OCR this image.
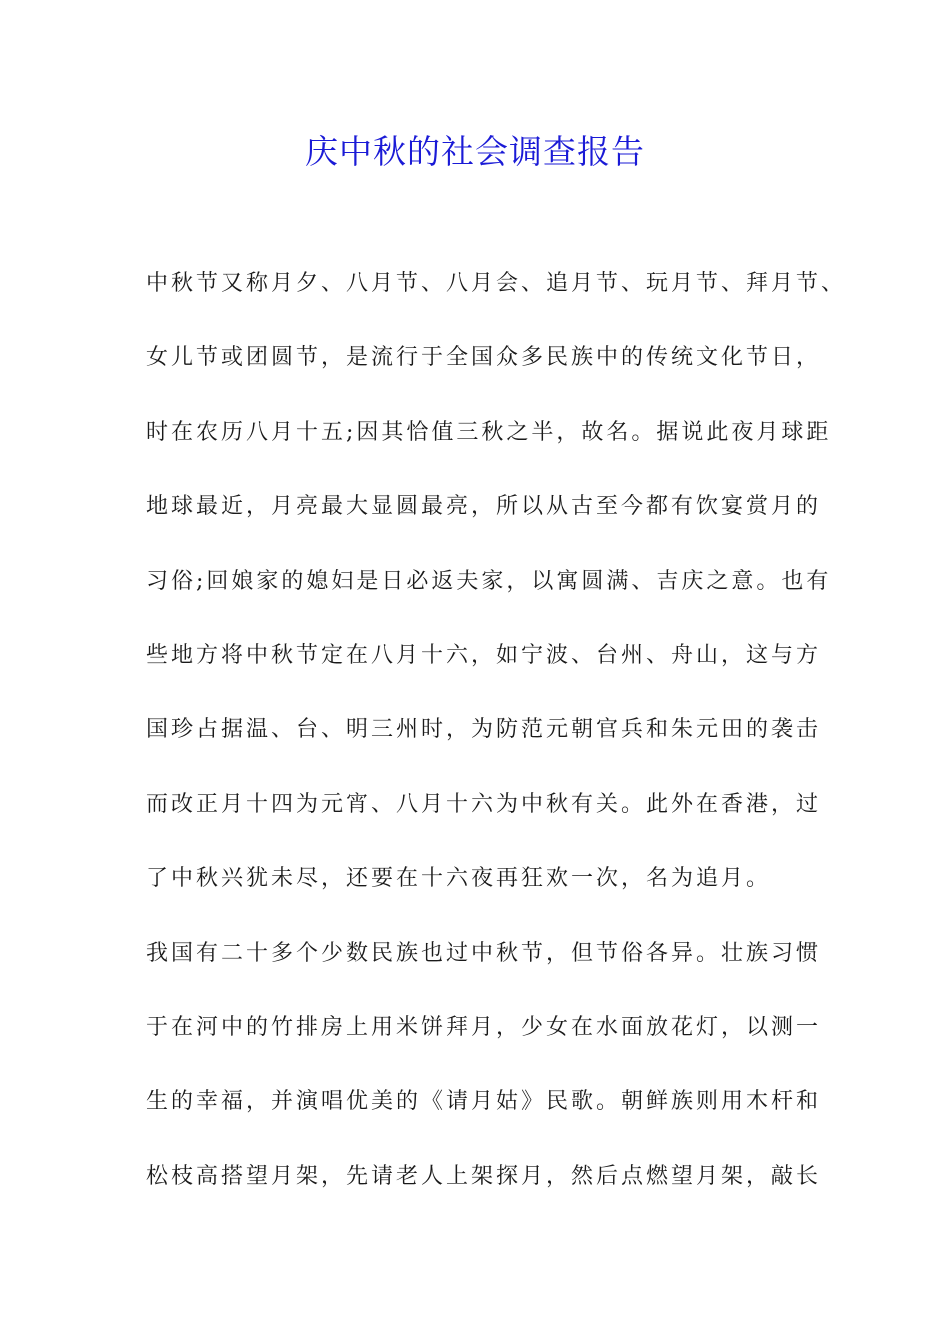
庆中秋的社会调查报告
中秋节又称月夕、八月节、八月会、追月节、玩月节、拜月节、
女儿节或团圆节，是流行于全国众多民族中的传统文化节日，
时在农历八月十五;因其恰值三秋之半，故名。据说此夜月球距
地球最近，月亮最大显圆最亮，所以从古至今都有饮宴赏月的
习俗;回娘家的媳妇是日必返夫家，以寓圆满、吉庆之意。也有
些地方将中秋节定在八月十六，如宁波、台州、舟山，这与方
国珍占据温、台、明三州时，为防范元朝官兵和朱元田的袭击
而改正月十四为元宵、八月十六为中秋有关。此外在香港，过
了中秋兴犹未尽，还要在十六夜再狂欢一次，名为追月。
我国有二十多个少数民族也过中秋节，但节俗各异。壮族习惯
于在河中的竹排房上用米饼拜月，少女在水面放花灯，以测一
生的幸福，并演唱优美的《请月姑》民歌。朝鲜族则用木杆和
松枝高搭望月架，先请老人上架探月，然后点燃望月架，敲长
